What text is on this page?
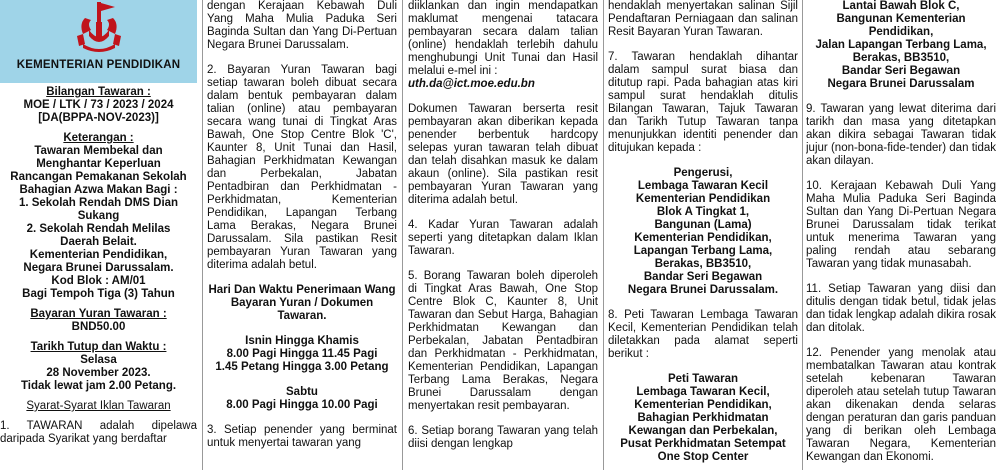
KEMENTERIAN PENDIDIKAN

Bilangan Tawaran :

MOE / LTK / 73 / 2023 / 2024

[DA(BPPA-NOV-2023)]

Keterangan :

Tawaran Membekal dan

Menghantar Keperluan

Rancangan Pemakanan Sekolah

Bahagian Azwa Makan Bagi :

1. Sekolah Rendah DMS Dian

Sukang

2. Sekolah Rendah Melilas

Daerah Belait.

Kementerian Pendidikan,

Negara Brunei Darussalam.

Kod Blok : AM/01

Bagi Tempoh Tiga (3) Tahun

Bayaran Yuran Tawaran :

BND50.00

Tarikh Tutup dan Waktu :

Selasa

28 November 2023.

Tidak lewat jam 2.00 Petang.

Syarat-Syarat Iklan Tawaran

1. TAWARAN adalah dipelawa daripada Syarikat yang berdaftar

dengan Kerajaan Kebawah Duli Yang Maha Mulia Paduka Seri Baginda Sultan dan Yang Di-Pertuan Negara Brunei Darussalam.

2. Bayaran Yuran Tawaran bagi setiap tawaran boleh dibuat secara dalam bentuk pembayaran dalam talian (online) atau pembayaran secara wang tunai di Tingkat Aras Bawah, One Stop Centre Blok 'C', Kaunter 8, Unit Tunai dan Hasil, Bahagian Perkhidmatan Kewangan dan Perbekalan, Jabatan Pentadbiran dan Perkhidmatan - Perkhidmatan, Kementerian Pendidikan, Lapangan Terbang Lama Berakas, Negara Brunei Darussalam. Sila pastikan Resit pembayaran Yuran Tawaran yang diterima adalah betul.

Hari Dan Waktu Penerimaan Wang Bayaran Yuran / Dokumen Tawaran.

Isnin Hingga Khamis
8.00 Pagi Hingga 11.45 Pagi
1.45 Petang Hingga 3.00 Petang
Sabtu
8.00 Pagi Hingga 10.00 Pagi

3. Setiap penender yang berminat untuk menyertai tawaran yang

diiklankan dan ingin mendapatkan maklumat mengenai tatacara pembayaran secara dalam talian (online) hendaklah terlebih dahulu menghubungi Unit Tunai dan Hasil melalui e-mel ini :

uth.da@ict.moe.edu.bn

Dokumen Tawaran berserta resit pembayaran akan diberikan kepada penender berbentuk hardcopy selepas yuran tawaran telah dibuat dan telah disahkan masuk ke dalam akaun (online). Sila pastikan resit pembayaran Yuran Tawaran yang diterima adalah betul.

4. Kadar Yuran Tawaran adalah seperti yang ditetapkan dalam Iklan Tawaran.

5. Borang Tawaran boleh diperoleh di Tingkat Aras Bawah, One Stop Centre Blok C, Kaunter 8, Unit Tawaran dan Sebut Harga, Bahagian Perkhidmatan Kewangan dan Perbekalan, Jabatan Pentadbiran dan Perkhidmatan - Perkhidmatan, Kementerian Pendidikan, Lapangan Terbang Lama Berakas, Negara Brunei Darussalam dengan menyertakan resit pembayaran.

6. Setiap borang Tawaran yang telah diisi dengan lengkap

hendaklah menyertakan salinan Sijil Pendaftaran Perniagaan dan salinan Resit Bayaran Yuran Tawaran.

7. Tawaran hendaklah dihantar dalam sampul surat biasa dan ditutup rapi. Pada bahagian atas kiri sampul surat hendaklah ditulis Bilangan Tawaran, Tajuk Tawaran dan Tarikh Tutup Tawaran tanpa menunjukkan identiti penender dan ditujukan kepada :

Pengerusi,
Lembaga Tawaran Kecil
Kementerian Pendidikan
Blok A Tingkat 1,
Bangunan (Lama)
Kementerian Pendidikan,
Lapangan Terbang Lama,
Berakas, BB3510,
Bandar Seri Begawan
Negara Brunei Darussalam.

8. Peti Tawaran Lembaga Tawaran Kecil, Kementerian Pendidikan telah diletakkan pada alamat seperti berikut :

Peti Tawaran
Lembaga Tawaran Kecil,
Kementerian Pendidikan,
Bahagian Perkhidmatan
Kewangan dan Perbekalan,
Pusat Perkhidmatan Setempat
One Stop Center
Lantai Bawah Blok C,
Bangunan Kementerian
Pendidikan,
Jalan Lapangan Terbang Lama,
Berakas, BB3510,
Bandar Seri Begawan
Negara Brunei Darussalam

9. Tawaran yang lewat diterima dari tarikh dan masa yang ditetapkan akan dikira sebagai Tawaran tidak jujur (non-bona-fide-tender) dan tidak akan dilayan.

10. Kerajaan Kebawah Duli Yang Maha Mulia Paduka Seri Baginda Sultan dan Yang Di-Pertuan Negara Brunei Darussalam tidak terikat untuk menerima Tawaran yang paling rendah atau sebarang Tawaran yang tidak munasabah.

11. Setiap Tawaran yang diisi dan ditulis dengan tidak betul, tidak jelas dan tidak lengkap adalah dikira rosak dan ditolak.

12. Penender yang menolak atau membatalkan Tawaran atau kontrak setelah kebenaran Tawaran diperoleh atau setelah tutup Tawaran akan dikenakan denda selaras dengan peraturan dan garis panduan yang di berikan oleh Lembaga Tawaran Negara, Kementerian Kewangan dan Ekonomi.
